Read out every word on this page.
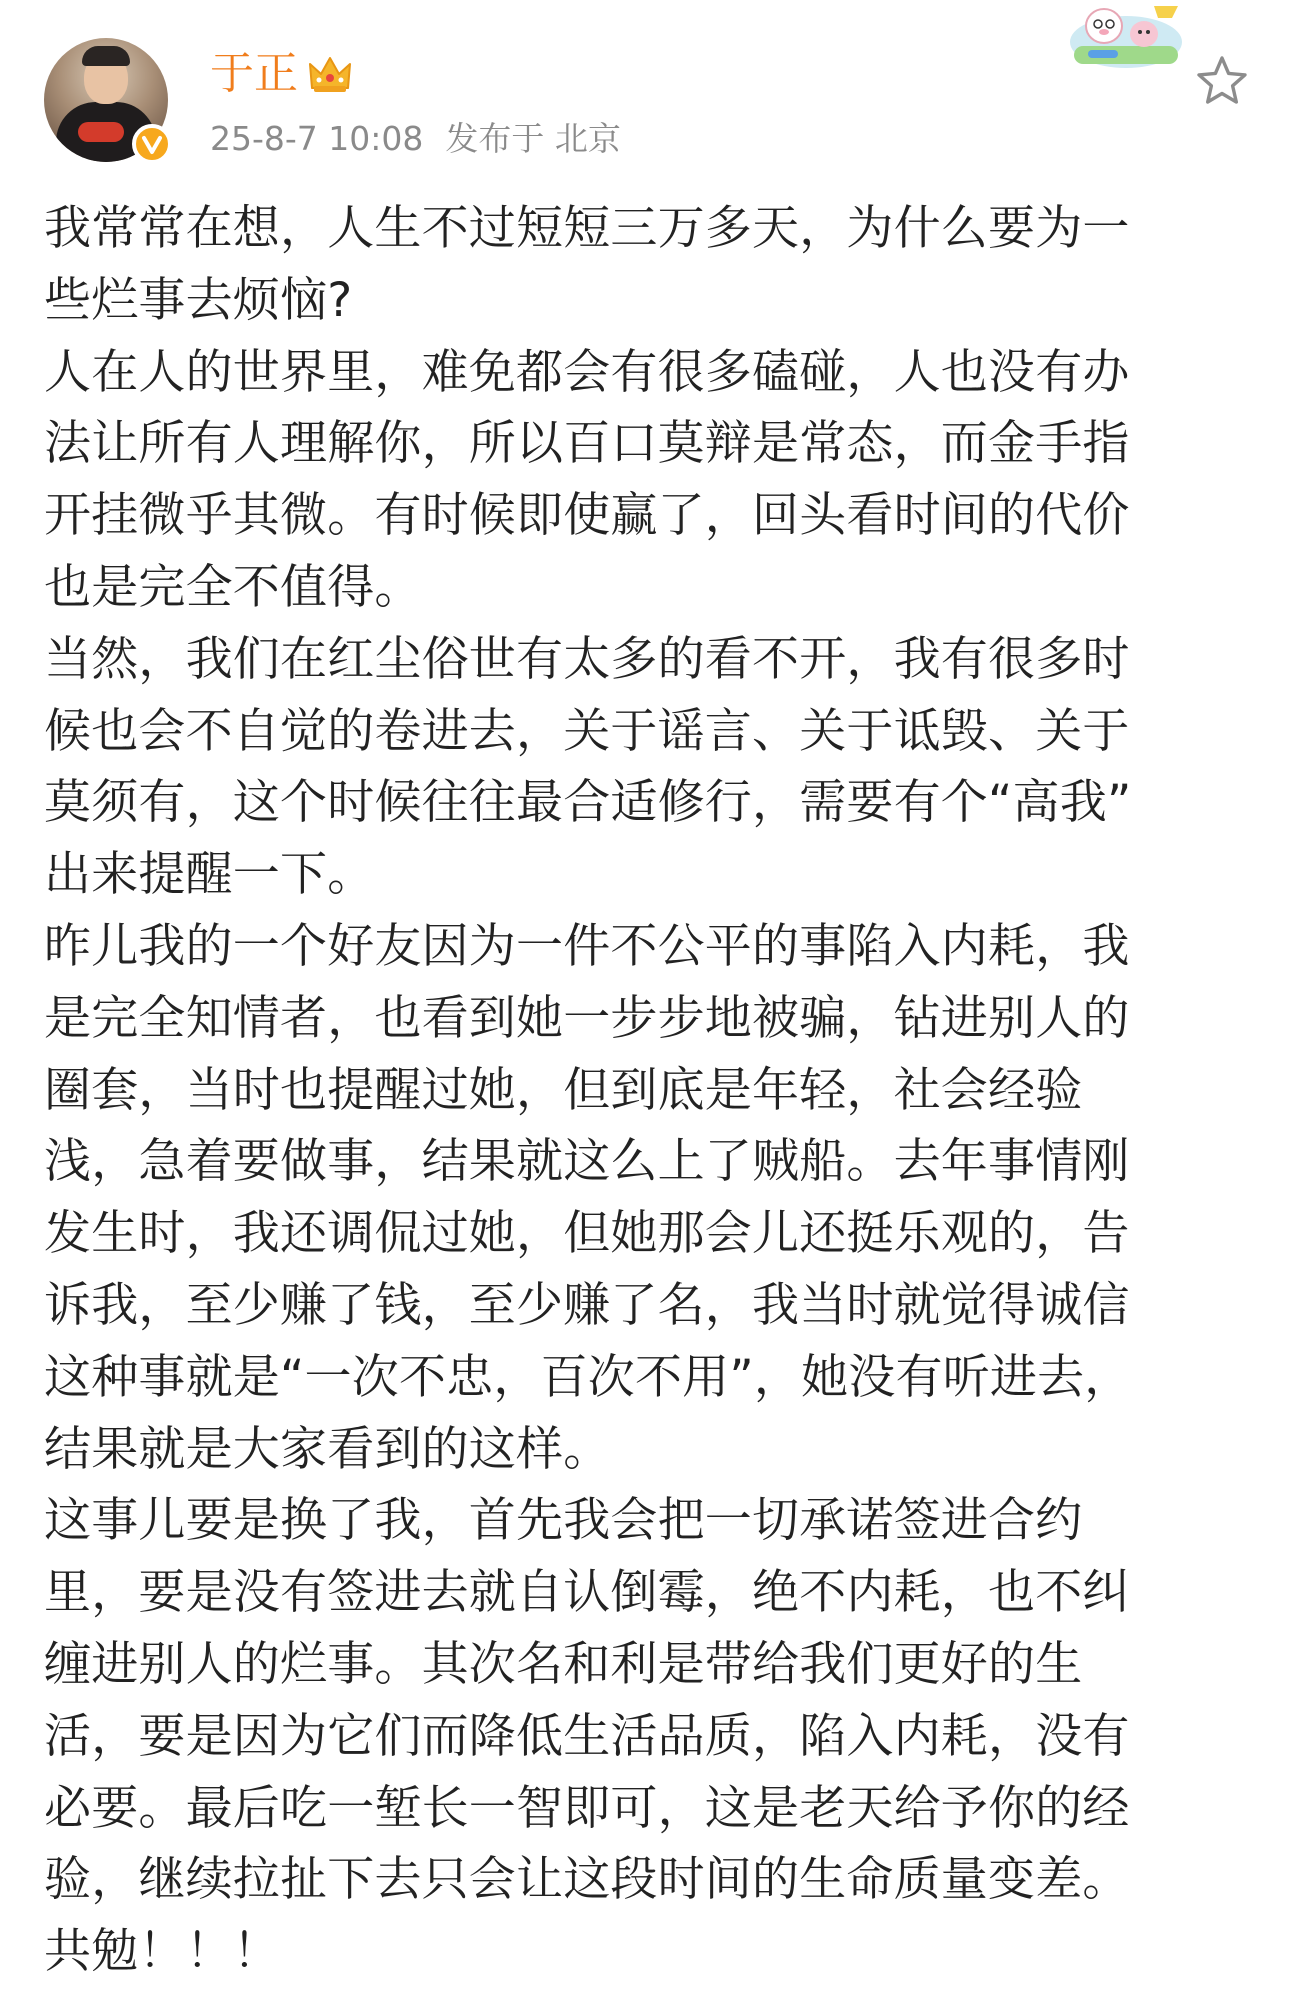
于正
25-8-7 10:08 发布于 北京
我常常在想，人生不过短短三万多天，为什么要为一
些烂事去烦恼?
人在人的世界里，难免都会有很多磕碰，人也没有办
法让所有人理解你，所以百口莫辩是常态，而金手指
开挂微乎其微。有时候即使赢了，回头看时间的代价
也是完全不值得。
当然，我们在红尘俗世有太多的看不开，我有很多时
候也会不自觉的卷进去，关于谣言、关于诋毁、关于
莫须有，这个时候往往最合适修行，需要有个“高我”
出来提醒一下。
昨儿我的一个好友因为一件不公平的事陷入内耗，我
是完全知情者，也看到她一步步地被骗，钻进别人的
圈套，当时也提醒过她，但到底是年轻，社会经验
浅，急着要做事，结果就这么上了贼船。去年事情刚
发生时，我还调侃过她，但她那会儿还挺乐观的，告
诉我，至少赚了钱，至少赚了名，我当时就觉得诚信
这种事就是“一次不忠，百次不用”，她没有听进去，
结果就是大家看到的这样。
这事儿要是换了我，首先我会把一切承诺签进合约
里，要是没有签进去就自认倒霉，绝不内耗，也不纠
缠进别人的烂事。其次名和利是带给我们更好的生
活，要是因为它们而降低生活品质，陷入内耗，没有
必要。最后吃一堑长一智即可，这是老天给予你的经
验，继续拉扯下去只会让这段时间的生命质量变差。
共勉！！！
